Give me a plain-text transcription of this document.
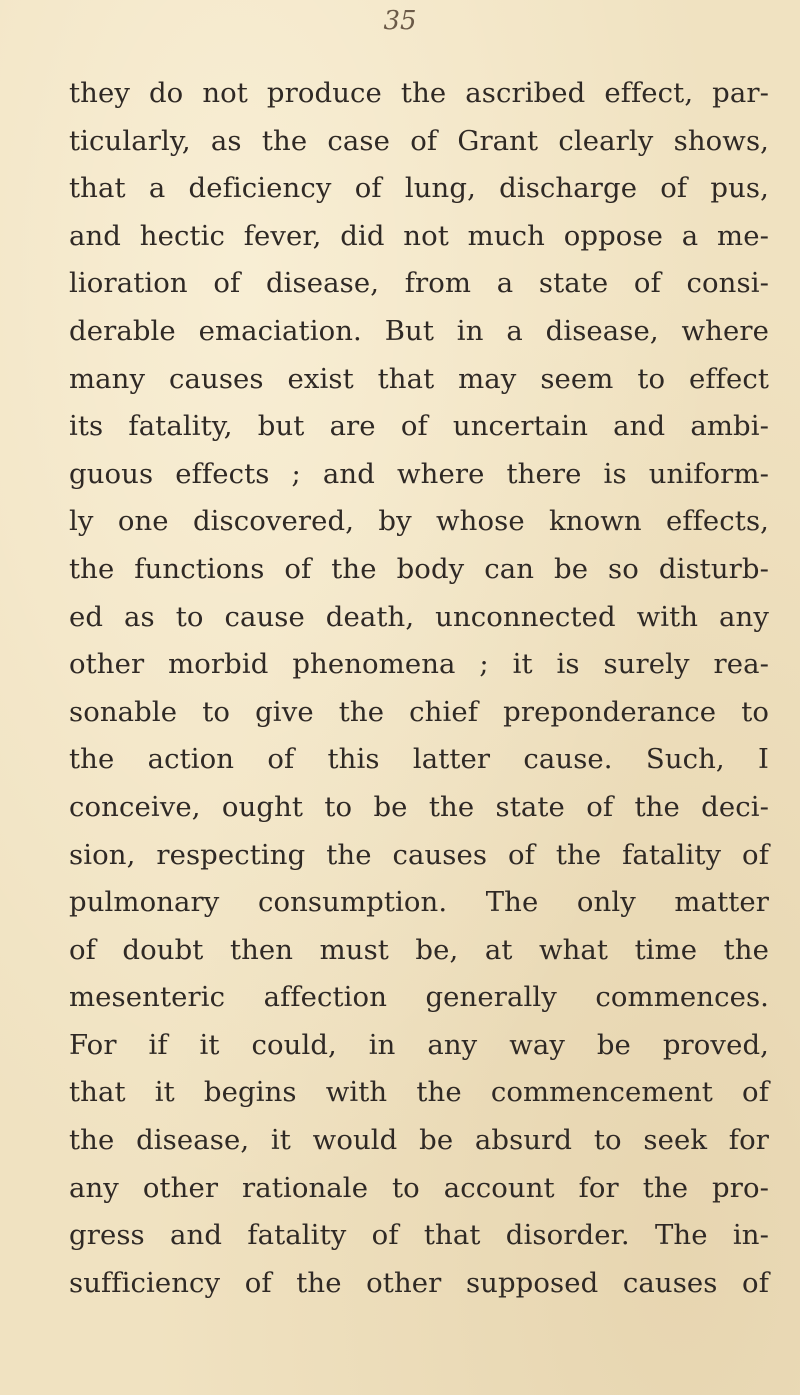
35
they do not produce the ascribed effect, par-
ticularly, as the case of Grant clearly shows,
that a deficiency of lung, discharge of pus,
and hectic fever, did not much oppose a me-
lioration of disease, from a state of consi-
derable emaciation. But in a disease, where
many causes exist that may seem to effect
its fatality, but are of uncertain and ambi-
guous effects ; and where there is uniform-
ly one discovered, by whose known effects,
the functions of the body can be so disturb-
ed as to cause death, unconnected with any
other morbid phenomena ; it is surely rea-
sonable to give the chief preponderance to
the action of this latter cause. Such, I
conceive, ought to be the state of the deci-
sion, respecting the causes of the fatality of
pulmonary consumption. The only matter
of doubt then must be, at what time the
mesenteric affection generally commences.
For if it could, in any way be proved,
that it begins with the commencement of
the disease, it would be absurd to seek for
any other rationale to account for the pro-
gress and fatality of that disorder. The in-
sufficiency of the other supposed causes of
